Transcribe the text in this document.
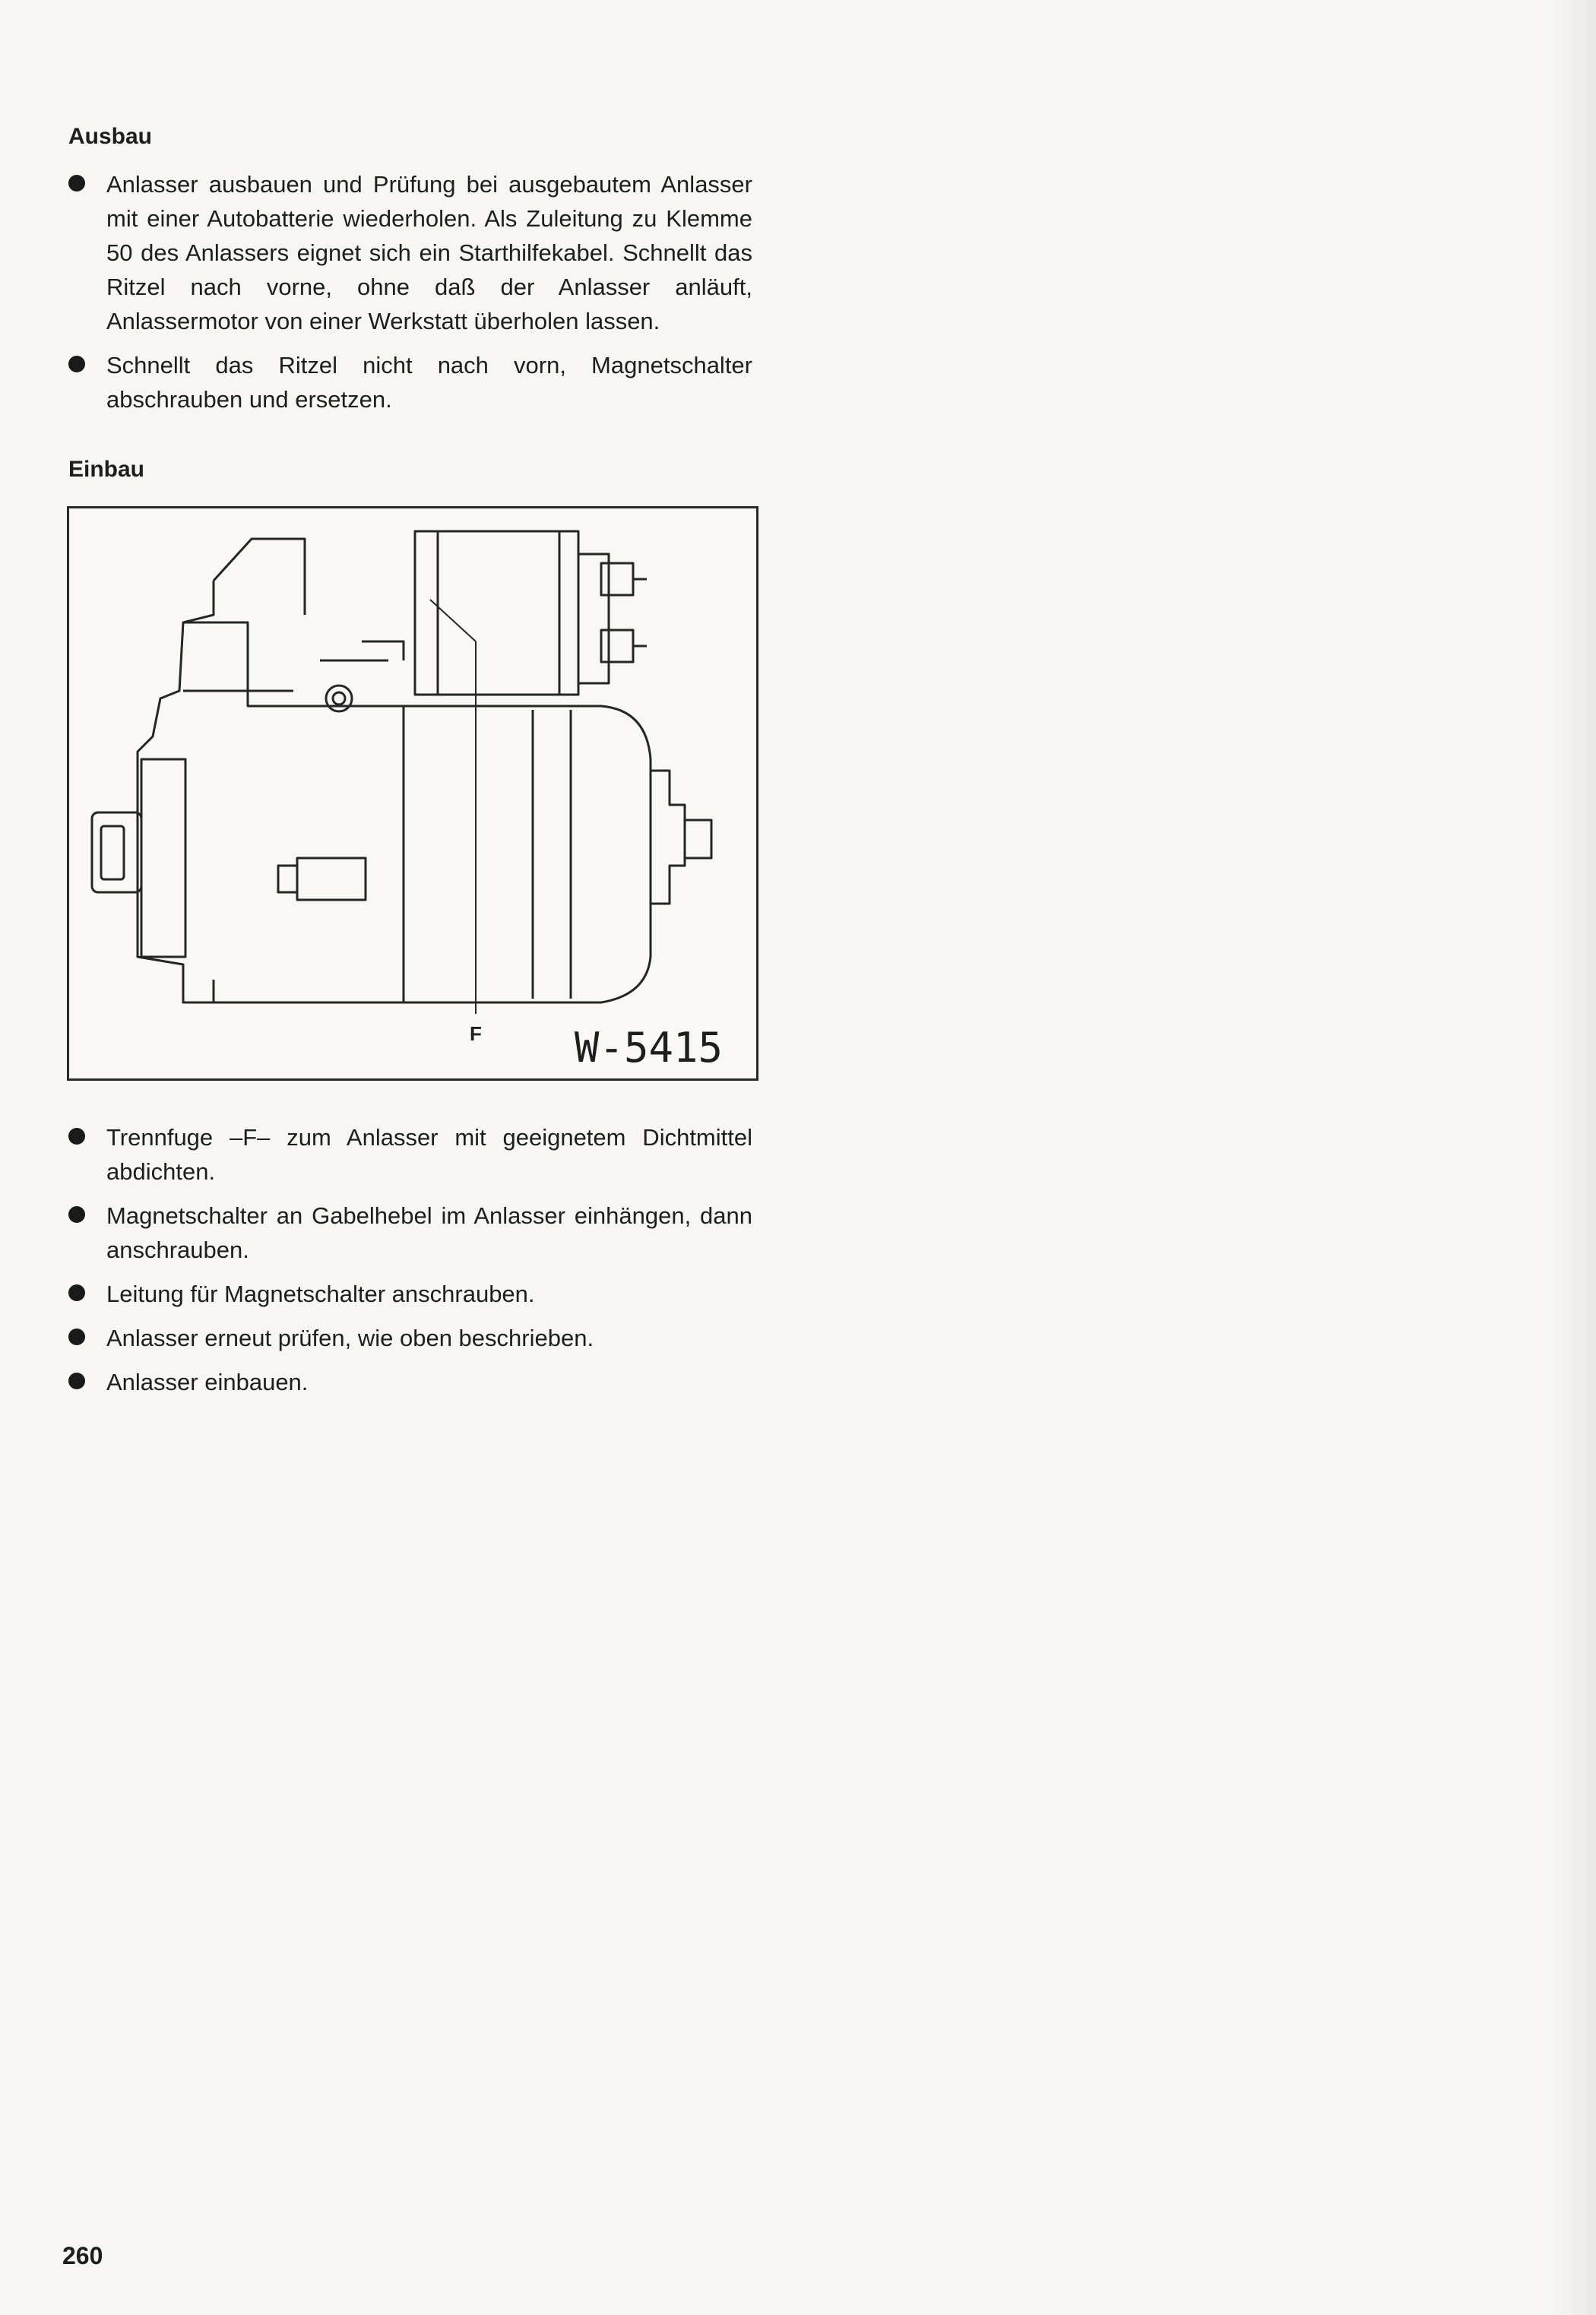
Ausbau
Anlasser ausbauen und Prüfung bei ausgebautem Anlasser mit einer Autobatterie wiederholen. Als Zuleitung zu Klemme 50 des Anlassers eignet sich ein Starthilfekabel. Schnellt das Ritzel nach vorne, ohne daß der Anlasser anläuft, Anlassermotor von einer Werkstatt überholen lassen.
Schnellt das Ritzel nicht nach vorn, Magnetschalter abschrauben und ersetzen.
Einbau
F W-5415
Trennfuge –F– zum Anlasser mit geeignetem Dichtmittel abdichten.
Magnetschalter an Gabelhebel im Anlasser einhängen, dann anschrauben.
Leitung für Magnetschalter anschrauben.
Anlasser erneut prüfen, wie oben beschrieben.
Anlasser einbauen.
260
